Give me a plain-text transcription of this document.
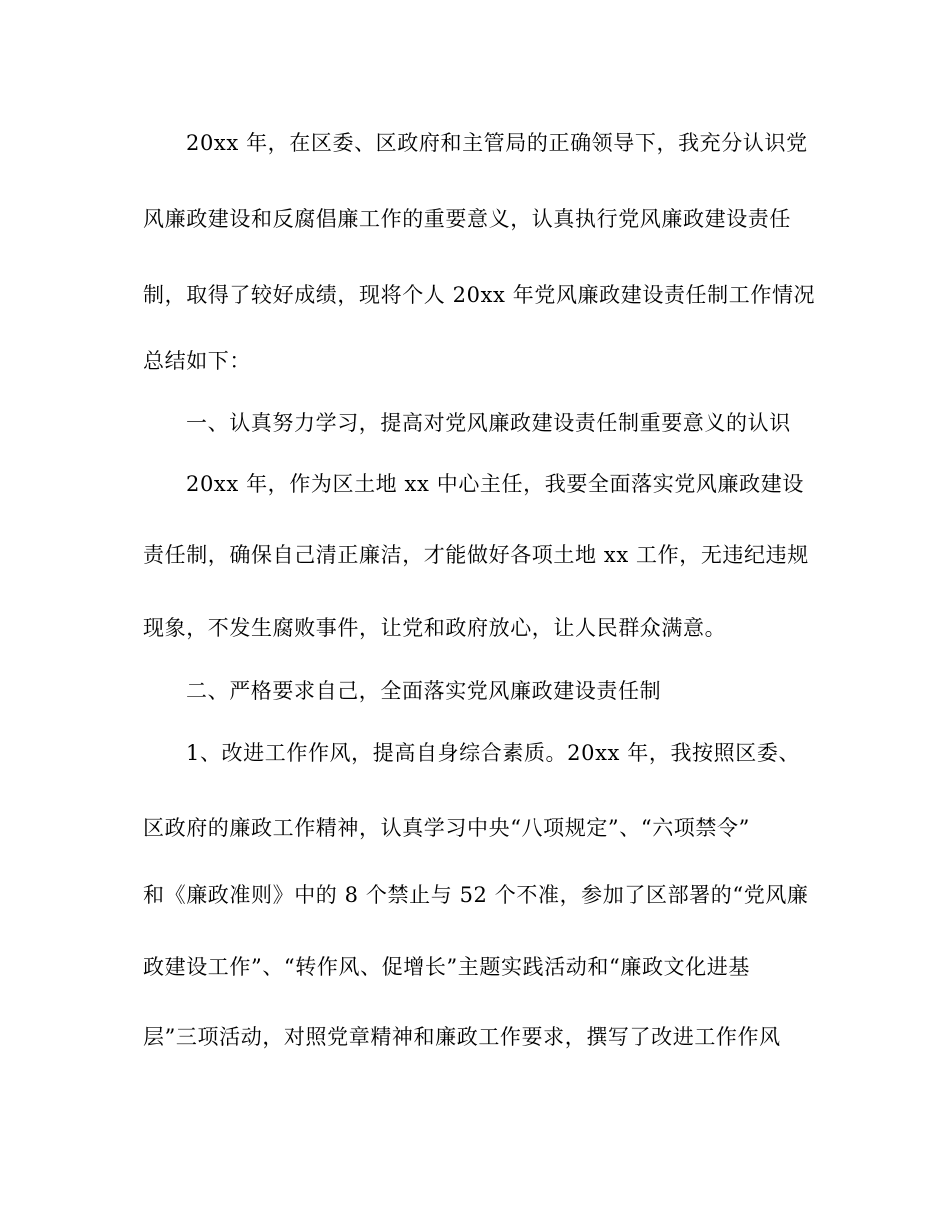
20xx 年，在区委、区政府和主管局的正确领导下，我充分认识党
风廉政建设和反腐倡廉工作的重要意义，认真执行党风廉政建设责任
制，取得了较好成绩，现将个人 20xx 年党风廉政建设责任制工作情况
总结如下：
一、认真努力学习，提高对党风廉政建设责任制重要意义的认识
20xx 年，作为区土地 xx 中心主任，我要全面落实党风廉政建设
责任制，确保自己清正廉洁，才能做好各项土地 xx 工作，无违纪违规
现象，不发生腐败事件，让党和政府放心，让人民群众满意。
二、严格要求自己，全面落实党风廉政建设责任制
1、改进工作作风，提高自身综合素质。20xx 年，我按照区委、
区政府的廉政工作精神，认真学习中央“八项规定”、“六项禁令”
和《廉政准则》中的 8 个禁止与 52 个不准，参加了区部署的“党风廉
政建设工作”、“转作风、促增长”主题实践活动和“廉政文化进基
层”三项活动，对照党章精神和廉政工作要求，撰写了改进工作作风
